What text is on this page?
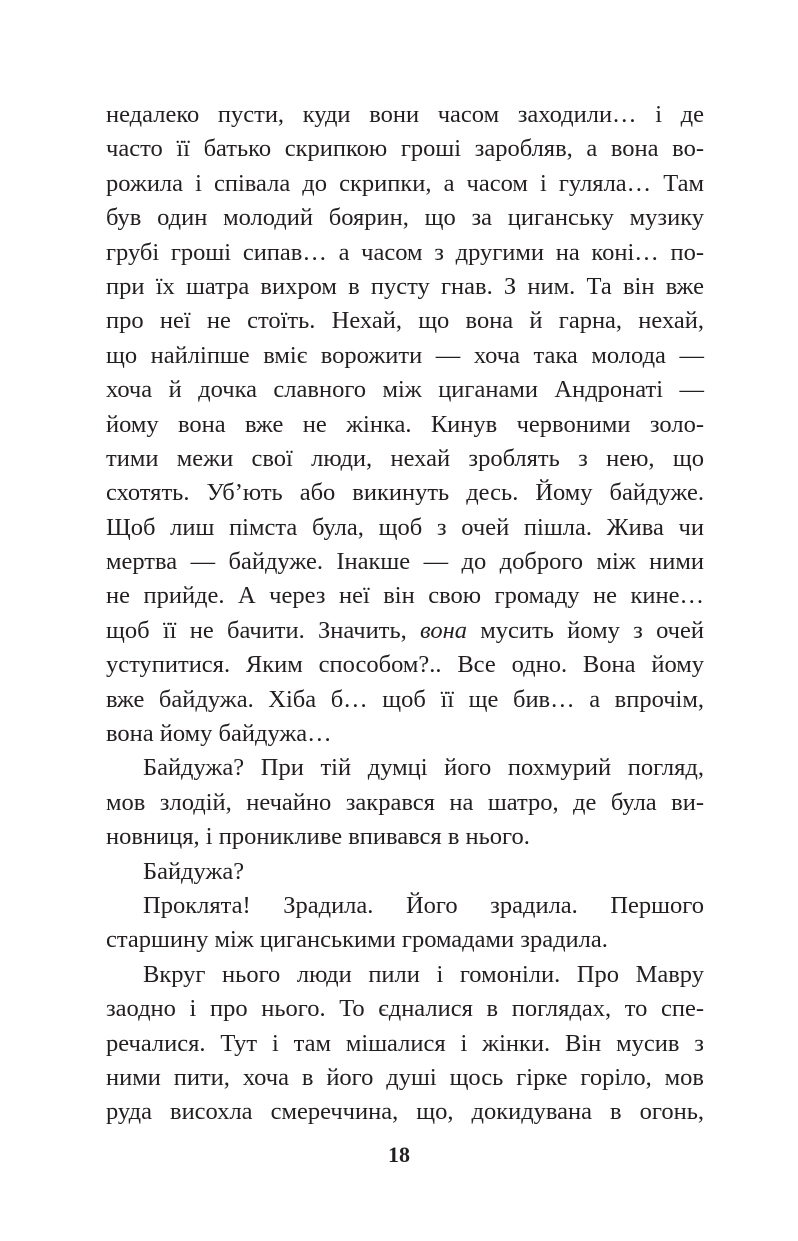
недалеко пусти, куди вони часом заходили… і де
часто її батько скрипкою гроші заробляв, а вона во-
рожила і співала до скрипки, а часом і гуляла… Там
був один молодий боярин, що за циганську музику
грубі гроші сипав… а часом з другими на коні… по-
при їх шатра вихром в пусту гнав. З ним. Та він вже
про неї не стоїть. Нехай, що вона й гарна, нехай,
що найліпше вміє ворожити — хоча така молода —
хоча й дочка славного між циганами Андронаті —
йому вона вже не жінка. Кинув червоними золо-
тими межи свої люди, нехай зроблять з нею, що
схотять. Уб’ють або викинуть десь. Йому байдуже.
Щоб лиш пімста була, щоб з очей пішла. Жива чи
мертва — байдуже. Інакше — до доброго між ними
не прийде. А через неї він свою громаду не кине…
щоб її не бачити. Значить, вона мусить йому з очей
уступитися. Яким способом?.. Все одно. Вона йому
вже байдужа. Хіба б… щоб її ще бив… а впрочім,
вона йому байдужа…
Байдужа? При тій думці його похмурий погляд,
мов злодій, нечайно закрався на шатро, де була ви-
новниця, і проникливе впивався в нього.
Байдужа?
Проклята! Зрадила. Його зрадила. Першого
старшину між циганськими громадами зрадила.
Вкруг нього люди пили і гомоніли. Про Мавру
заодно і про нього. То єдналися в поглядах, то спе-
речалися. Тут і там мішалися і жінки. Він мусив з
ними пити, хоча в його душі щось гірке горіло, мов
руда висохла смереччина, що, докидувана в огонь,
18
